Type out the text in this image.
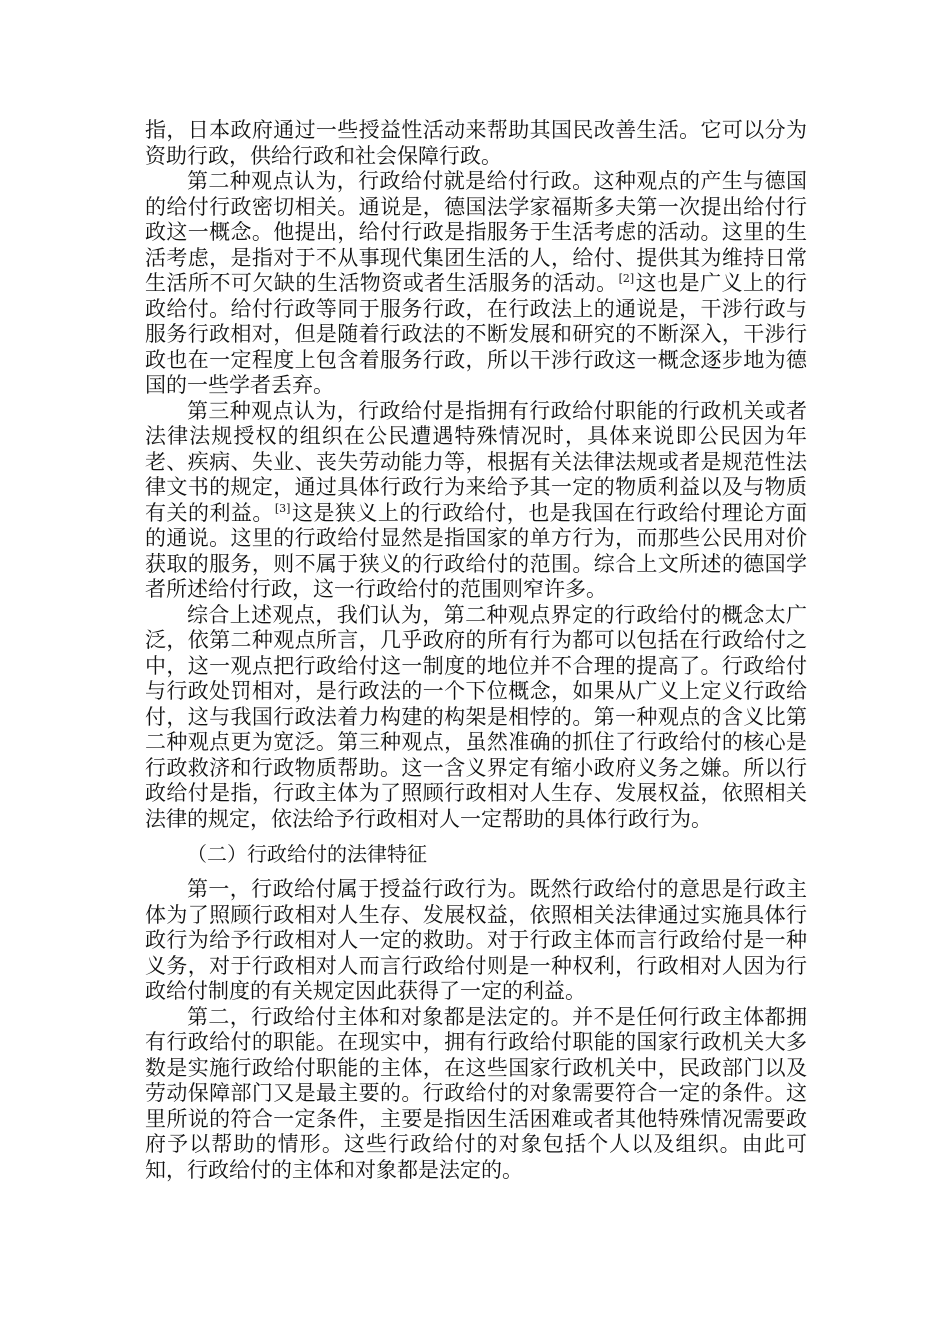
指，日本政府通过一些授益性活动来帮助其国民改善生活。它可以分为资助行政，供给行政和社会保障行政。

第二种观点认为，行政给付就是给付行政。这种观点的产生与德国的给付行政密切相关。通说是，德国法学家福斯多夫第一次提出给付行政这一概念。他提出，给付行政是指服务于生活考虑的活动。这里的生活考虑，是指对于不从事现代集团生活的人，给付、提供其为维持日常生活所不可欠缺的生活物资或者生活服务的活动。[2]这也是广义上的行政给付。给付行政等同于服务行政，在行政法上的通说是，干涉行政与服务行政相对，但是随着行政法的不断发展和研究的不断深入，干涉行政也在一定程度上包含着服务行政，所以干涉行政这一概念逐步地为德国的一些学者丢弃。

第三种观点认为，行政给付是指拥有行政给付职能的行政机关或者法律法规授权的组织在公民遭遇特殊情况时，具体来说即公民因为年老、疾病、失业、丧失劳动能力等，根据有关法律法规或者是规范性法律文书的规定，通过具体行政行为来给予其一定的物质利益以及与物质有关的利益。[3]这是狭义上的行政给付，也是我国在行政给付理论方面的通说。这里的行政给付显然是指国家的单方行为，而那些公民用对价获取的服务，则不属于狭义的行政给付的范围。综合上文所述的德国学者所述给付行政，这一行政给付的范围则窄许多。

综合上述观点，我们认为，第二种观点界定的行政给付的概念太广泛，依第二种观点所言，几乎政府的所有行为都可以包括在行政给付之中，这一观点把行政给付这一制度的地位并不合理的提高了。行政给付与行政处罚相对，是行政法的一个下位概念，如果从广义上定义行政给付，这与我国行政法着力构建的构架是相悖的。第一种观点的含义比第二种观点更为宽泛。第三种观点，虽然准确的抓住了行政给付的核心是行政救济和行政物质帮助。这一含义界定有缩小政府义务之嫌。所以行政给付是指，行政主体为了照顾行政相对人生存、发展权益，依照相关法律的规定，依法给予行政相对人一定帮助的具体行政行为。

（二）行政给付的法律特征

第一，行政给付属于授益行政行为。既然行政给付的意思是行政主体为了照顾行政相对人生存、发展权益，依照相关法律通过实施具体行政行为给予行政相对人一定的救助。对于行政主体而言行政给付是一种义务，对于行政相对人而言行政给付则是一种权利，行政相对人因为行政给付制度的有关规定因此获得了一定的利益。

第二，行政给付主体和对象都是法定的。并不是任何行政主体都拥有行政给付的职能。在现实中，拥有行政给付职能的国家行政机关大多数是实施行政给付职能的主体，在这些国家行政机关中，民政部门以及劳动保障部门又是最主要的。行政给付的对象需要符合一定的条件。这里所说的符合一定条件，主要是指因生活困难或者其他特殊情况需要政府予以帮助的情形。这些行政给付的对象包括个人以及组织。由此可知，行政给付的主体和对象都是法定的。
